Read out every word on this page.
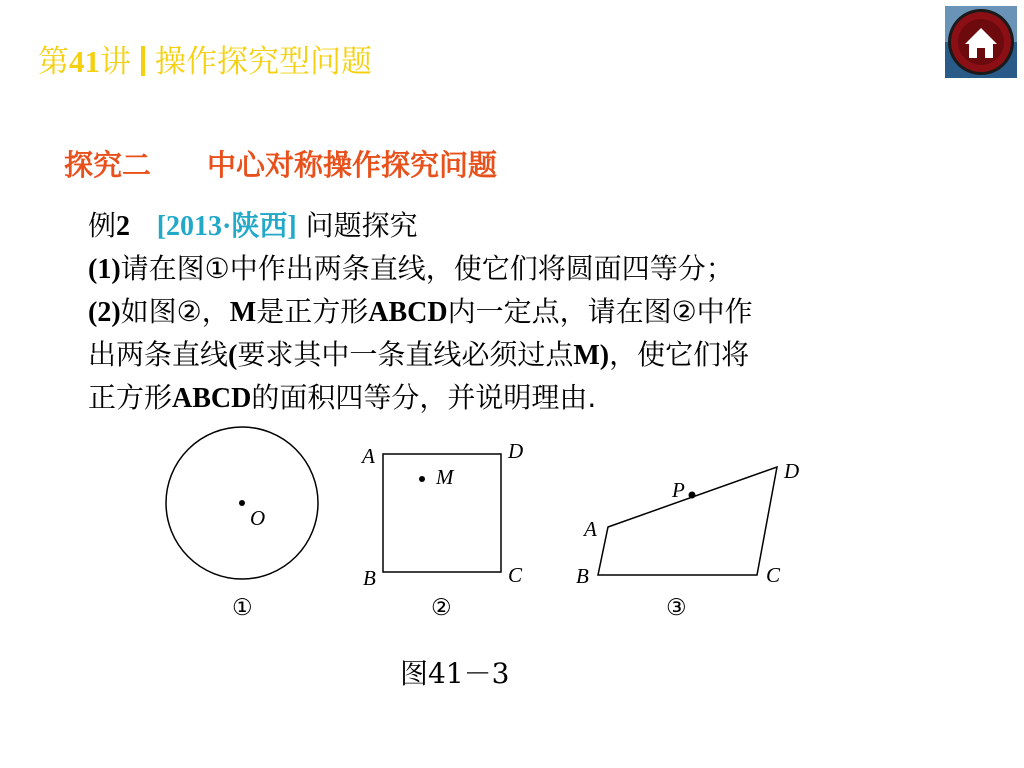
第41讲 操作探究型问题
探究二 中心对称操作探究问题

例2 [2013·陕西] 问题探究

(1)请在图①中作出两条直线，使它们将圆面四等分；

(2)如图②，M是正方形ABCD内一定点，请在图②中作

出两条直线(要求其中一条直线必须过点M)，使它们将

正方形ABCD的面积四等分，并说明理由.

O
①
M
A	D
B	C
②
P
A
D
B	C
③
图41－3
